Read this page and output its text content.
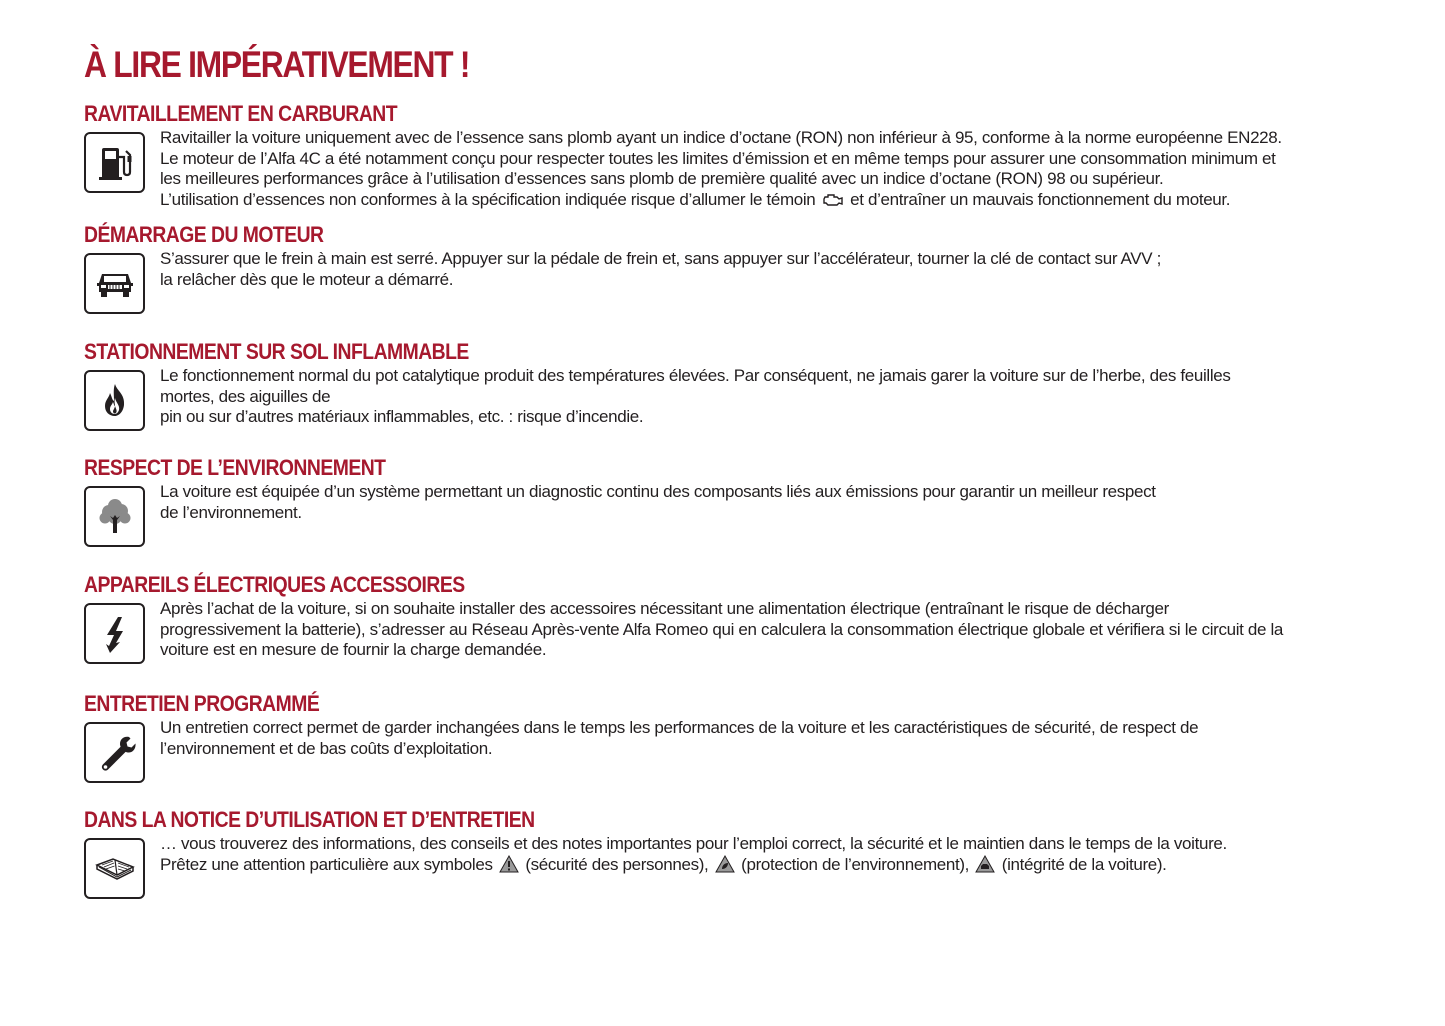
À LIRE IMPÉRATIVEMENT !
RAVITAILLEMENT EN CARBURANT

Ravitailler la voiture uniquement avec de l’essence sans plomb ayant un indice d’octane (RON) non inférieur à 95, conforme à la norme européenne EN228.

Le moteur de l’Alfa 4C a été notamment conçu pour respecter toutes les limites d’émission et en même temps pour assurer une consommation minimum et

les meilleures performances grâce à l’utilisation d’essences sans plomb de première qualité avec un indice d’octane (RON) 98 ou supérieur.

L’utilisation d’essences non conformes à la spécification indiquée risque d’allumer le témoin et d’entraîner un mauvais fonctionnement du moteur.

DÉMARRAGE DU MOTEUR

S’assurer que le frein à main est serré. Appuyer sur la pédale de frein et, sans appuyer sur l’accélérateur, tourner la clé de contact sur AVV ;

la relâcher dès que le moteur a démarré.

STATIONNEMENT SUR SOL INFLAMMABLE

Le fonctionnement normal du pot catalytique produit des températures élevées. Par conséquent, ne jamais garer la voiture sur de l’herbe, des feuilles

mortes, des aiguilles de

pin ou sur d’autres matériaux inflammables, etc. : risque d’incendie.

RESPECT DE L’ENVIRONNEMENT

La voiture est équipée d’un système permettant un diagnostic continu des composants liés aux émissions pour garantir un meilleur respect

de l’environnement.

APPAREILS ÉLECTRIQUES ACCESSOIRES

Après l’achat de la voiture, si on souhaite installer des accessoires nécessitant une alimentation électrique (entraînant le risque de décharger

progressivement la batterie), s’adresser au Réseau Après-vente Alfa Romeo qui en calculera la consommation électrique globale et vérifiera si le circuit de la

voiture est en mesure de fournir la charge demandée.

ENTRETIEN PROGRAMMÉ

Un entretien correct permet de garder inchangées dans le temps les performances de la voiture et les caractéristiques de sécurité, de respect de

l’environnement et de bas coûts d’exploitation.

DANS LA NOTICE D’UTILISATION ET D’ENTRETIEN

… vous trouverez des informations, des conseils et des notes importantes pour l’emploi correct, la sécurité et le maintien dans le temps de la voiture.

Prêtez une attention particulière aux symboles (sécurité des personnes), (protection de l’environnement), (intégrité de la voiture).
